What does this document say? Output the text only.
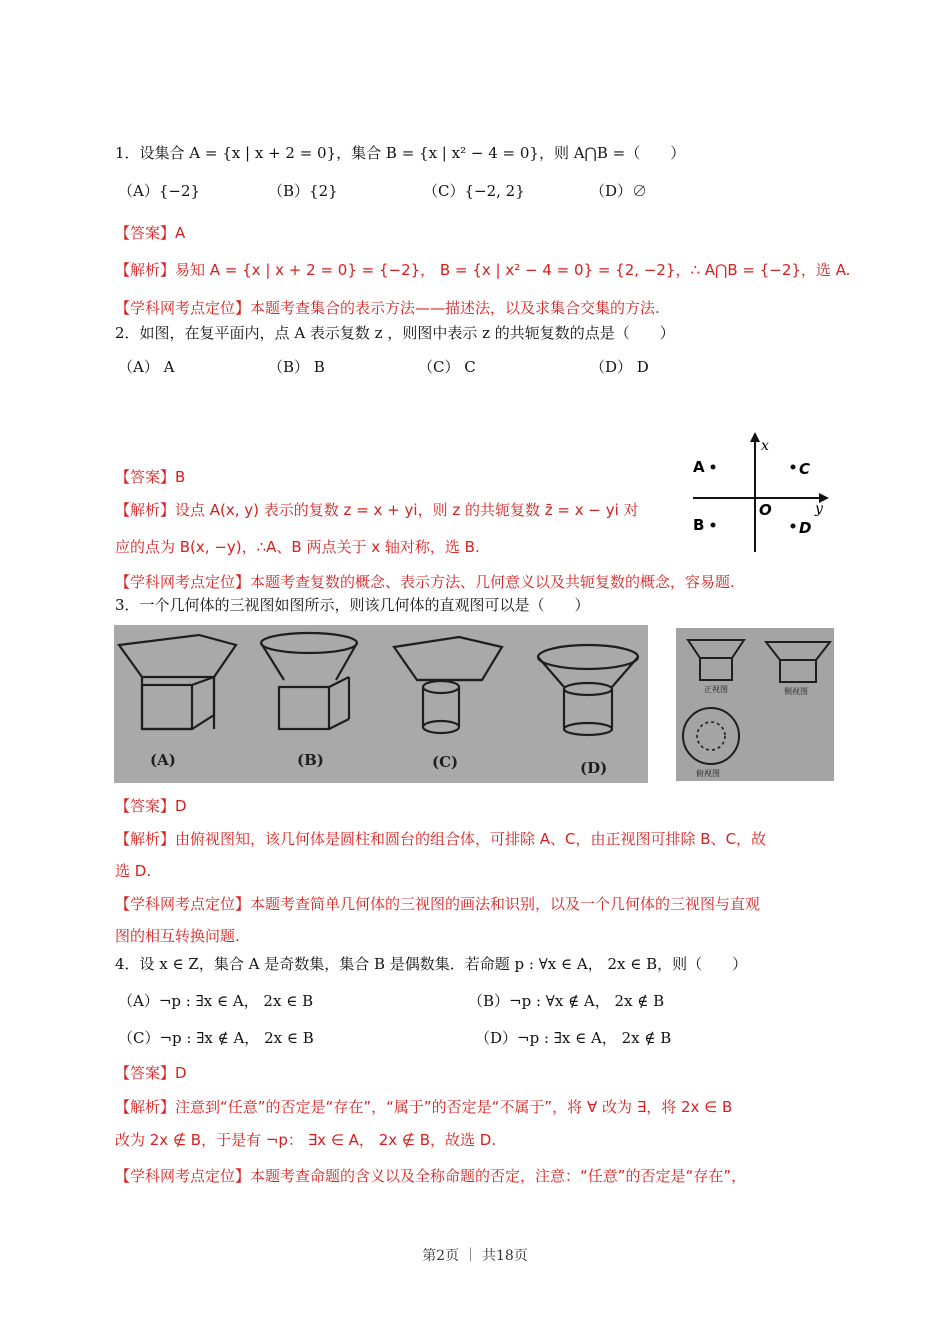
1．设集合 A = {x | x + 2 = 0}，集合 B = {x | x² − 4 = 0}，则 A⋂B =（　　）
（A）{−2}	（B）{2}	（C）{−2, 2}	（D）∅
【答案】A
【解析】易知 A = {x | x + 2 = 0} = {−2}， B = {x | x² − 4 = 0} = {2, −2}，∴ A⋂B = {−2}，选 A.
【学科网考点定位】本题考查集合的表示方法——描述法，以及求集合交集的方法.
2．如图，在复平面内，点 A 表示复数 z ，则图中表示 z 的共轭复数的点是（　　）
（A） A	（B） B	（C） C	（D） D
x
y
O
A	C
B	D
【答案】B
【解析】设点 A(x, y) 表示的复数 z = x + yi，则 z 的共轭复数 z̄ = x − yi 对
应的点为 B(x, −y)，∴A、B 两点关于 x 轴对称，选 B.
【学科网考点定位】本题考查复数的概念、表示方法、几何意义以及共轭复数的概念，容易题.
3．一个几何体的三视图如图所示，则该几何体的直观图可以是（　　）
(A)	(B)	(C)	(D)
正视图	侧视图
俯视图
【答案】D
【解析】由俯视图知，该几何体是圆柱和圆台的组合体，可排除 A、C，由正视图可排除 B、C，故
选 D.
【学科网考点定位】本题考查简单几何体的三视图的画法和识别，以及一个几何体的三视图与直观
图的相互转换问题.
4．设 x ∈ Z，集合 A 是奇数集，集合 B 是偶数集．若命题 p : ∀x ∈ A， 2x ∈ B，则（　　）
（A）¬p : ∃x ∈ A， 2x ∈ B	（B）¬p : ∀x ∉ A， 2x ∉ B
（C）¬p : ∃x ∉ A， 2x ∈ B	（D）¬p : ∃x ∈ A， 2x ∉ B
【答案】D
【解析】注意到“任意”的否定是“存在”，“属于”的否定是“不属于”，将 ∀ 改为 ∃，将 2x ∈ B
改为 2x ∉ B，于是有 ¬p： ∃x ∈ A， 2x ∉ B，故选 D.
【学科网考点定位】本题考查命题的含义以及全称命题的否定，注意：“任意”的否定是“存在”，
第2页 ｜ 共18页
